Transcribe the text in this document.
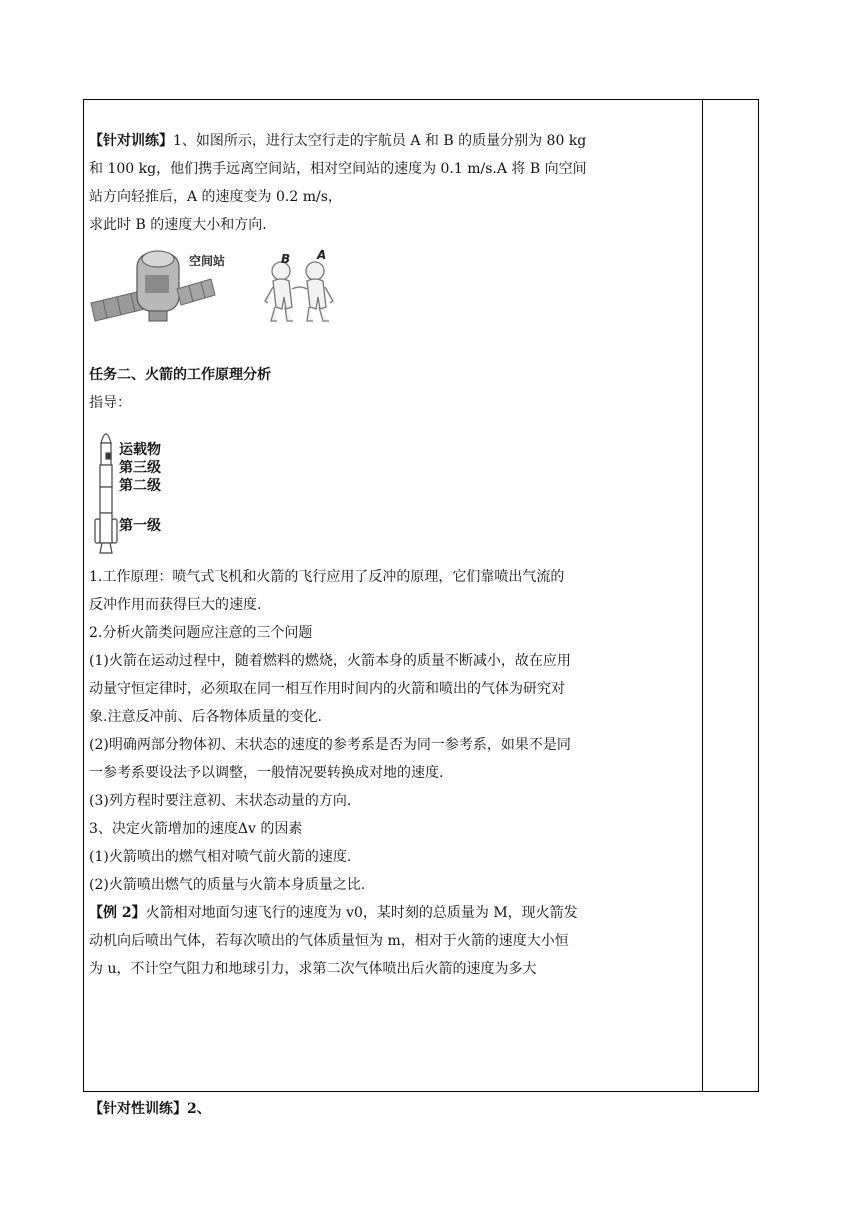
【针对训练】1、如图所示，进行太空行走的宇航员 A 和 B 的质量分别为 80 kg

和 100 kg，他们携手远离空间站，相对空间站的速度为 0.1 m/s.A 将 B 向空间

站方向轻推后，A 的速度变为 0.2 m/s，

求此时 B 的速度大小和方向.

空间站	B A

任务二、火箭的工作原理分析

指导：

运载物
第三级
第二级
第一级

1.工作原理：喷气式飞机和火箭的飞行应用了反冲的原理，它们靠喷出气流的

反冲作用而获得巨大的速度.

2.分析火箭类问题应注意的三个问题

(1)火箭在运动过程中，随着燃料的燃烧，火箭本身的质量不断减小，故在应用

动量守恒定律时，必须取在同一相互作用时间内的火箭和喷出的气体为研究对

象.注意反冲前、后各物体质量的变化.

(2)明确两部分物体初、末状态的速度的参考系是否为同一参考系，如果不是同

一参考系要设法予以调整，一般情况要转换成对地的速度.

(3)列方程时要注意初、末状态动量的方向.

3、决定火箭增加的速度Δv 的因素

(1)火箭喷出的燃气相对喷气前火箭的速度.

(2)火箭喷出燃气的质量与火箭本身质量之比.

【例 2】火箭相对地面匀速飞行的速度为 v0，某时刻的总质量为 M，现火箭发

动机向后喷出气体，若每次喷出的气体质量恒为 m，相对于火箭的速度大小恒

为 u，不计空气阻力和地球引力，求第二次气体喷出后火箭的速度为多大

【针对性训练】2、
